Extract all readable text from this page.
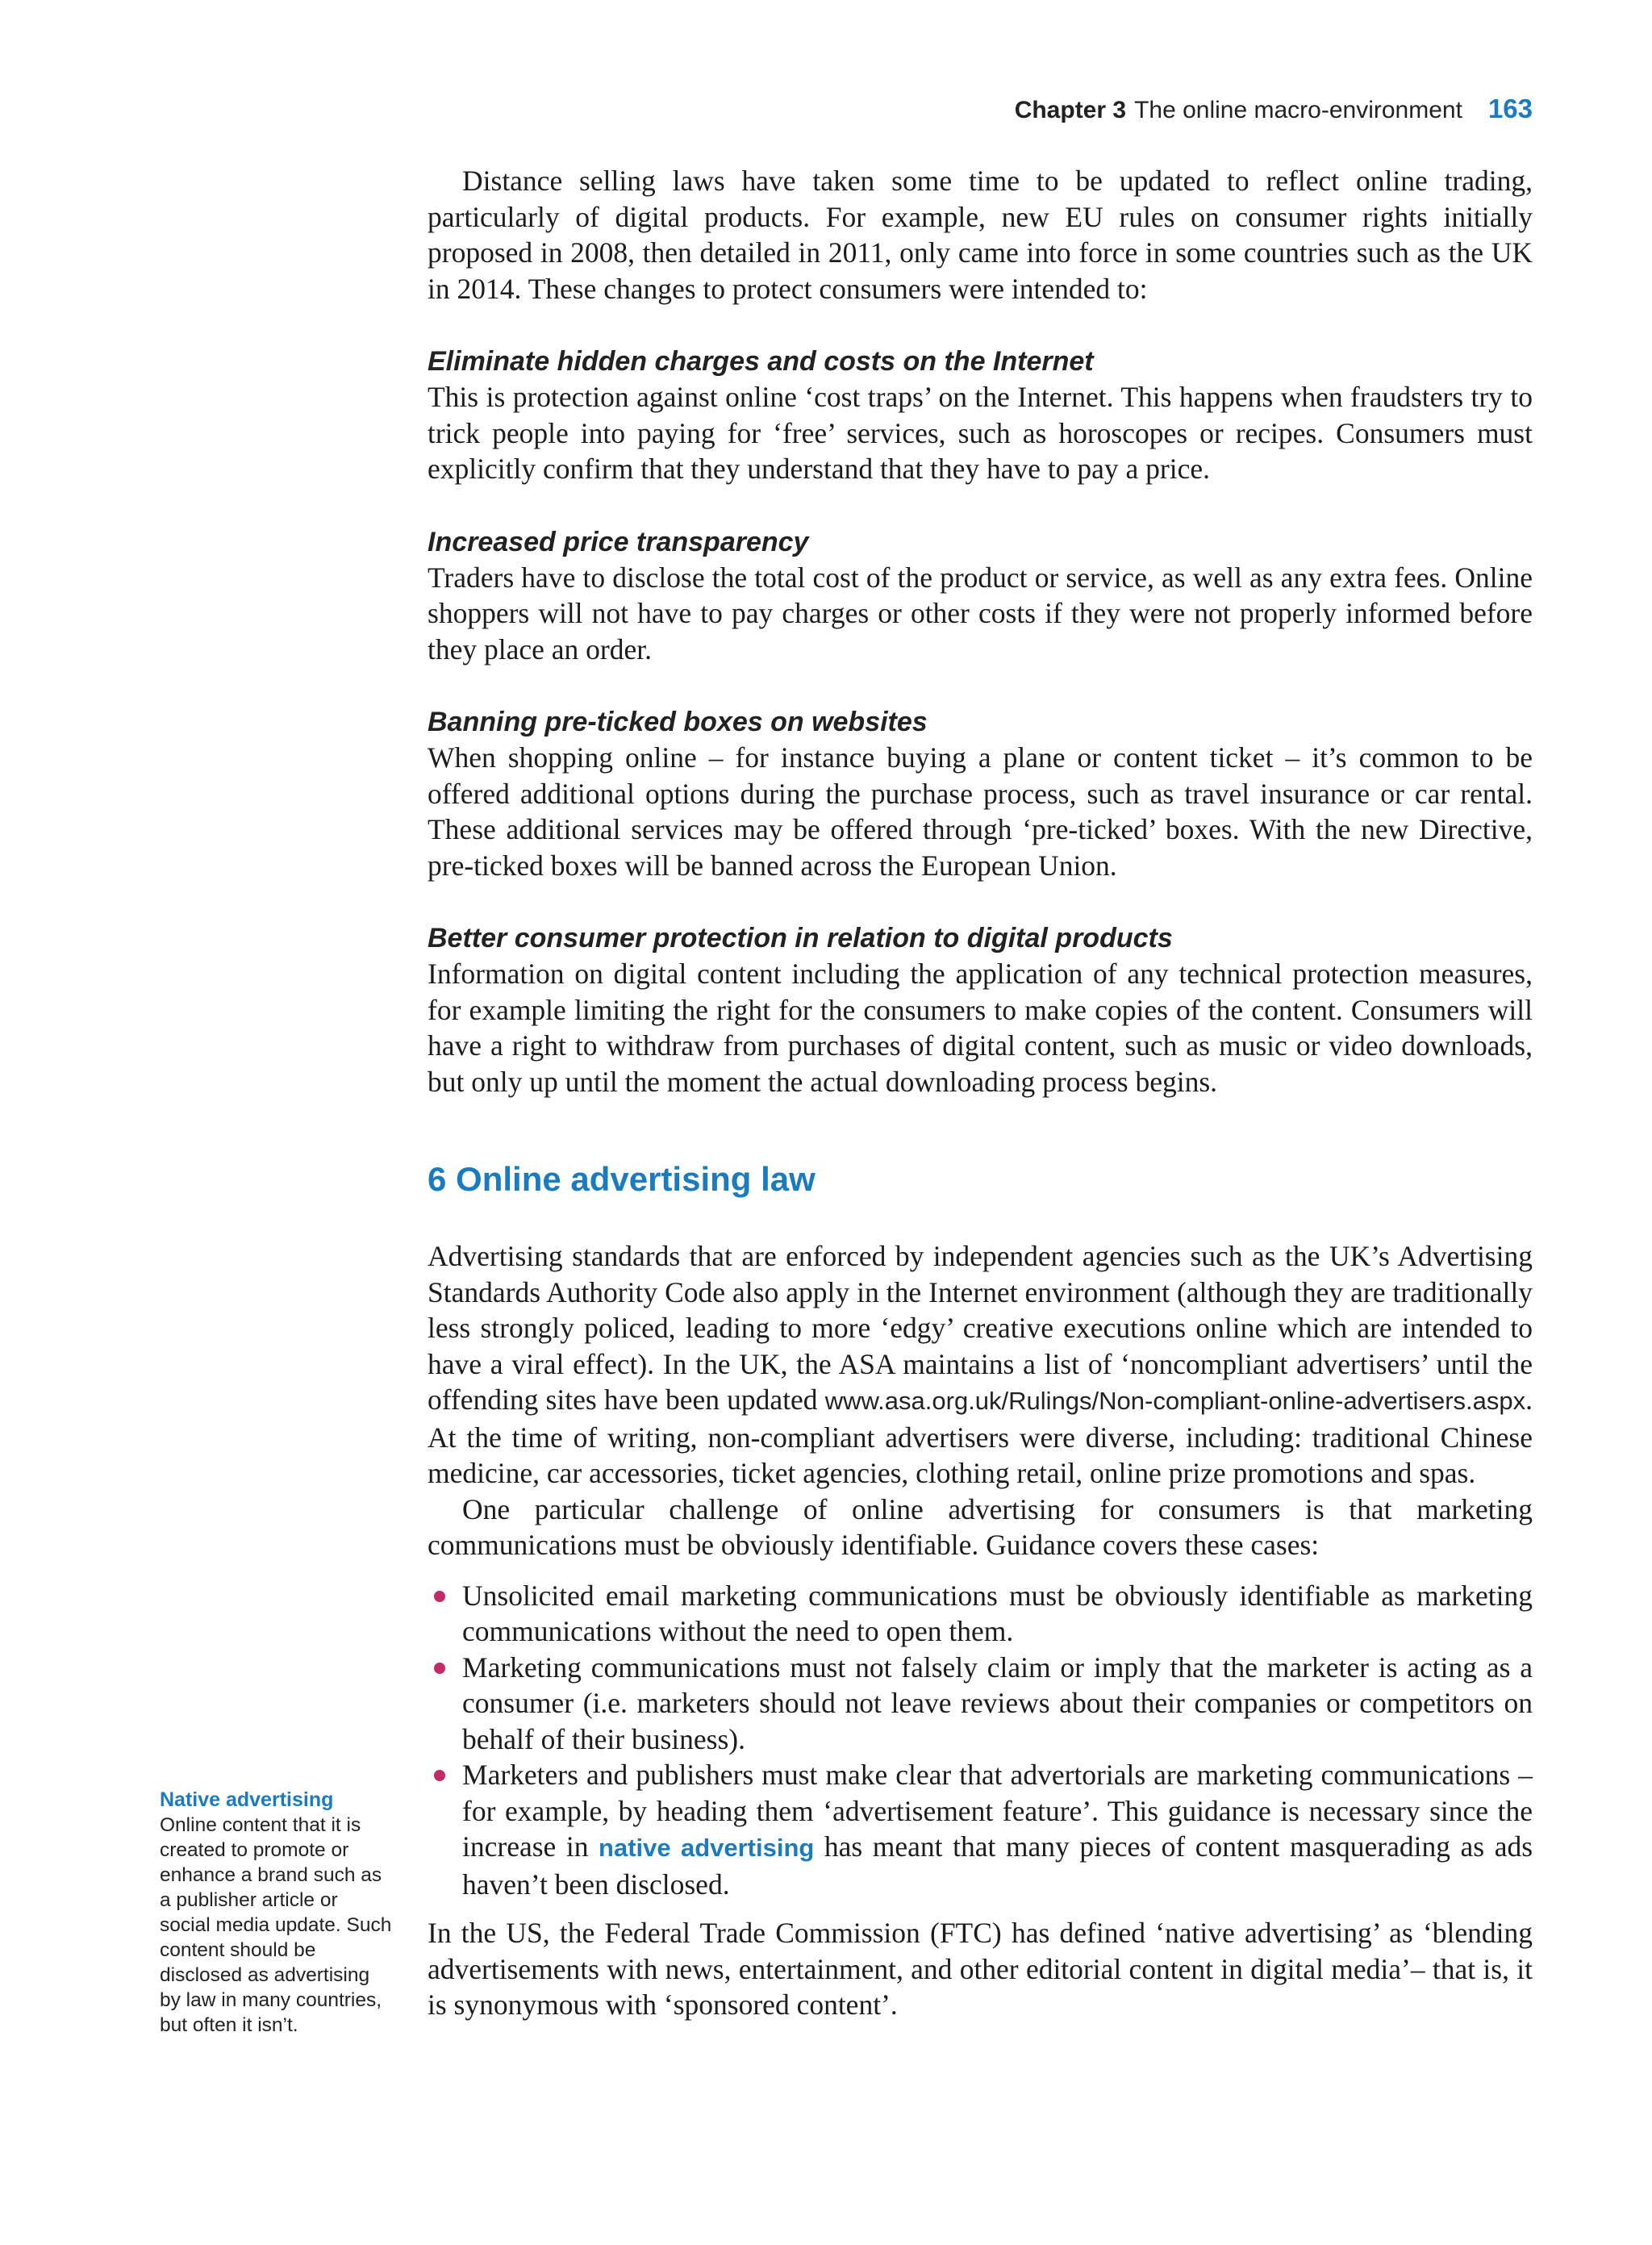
Chapter 3 The online macro-environment 163

Distance selling laws have taken some time to be updated to reflect online trading, particularly of digital products. For example, new EU rules on consumer rights initially proposed in 2008, then detailed in 2011, only came into force in some countries such as the UK in 2014. These changes to protect consumers were intended to:

Eliminate hidden charges and costs on the Internet

This is protection against online ‘cost traps’ on the Internet. This happens when fraudsters try to trick people into paying for ‘free’ services, such as horoscopes or recipes. Consumers must explicitly confirm that they understand that they have to pay a price.

Increased price transparency

Traders have to disclose the total cost of the product or service, as well as any extra fees. Online shoppers will not have to pay charges or other costs if they were not properly informed before they place an order.

Banning pre-ticked boxes on websites

When shopping online – for instance buying a plane or content ticket – it’s common to be offered additional options during the purchase process, such as travel insurance or car rental. These additional services may be offered through ‘pre-ticked’ boxes. With the new Directive, pre-ticked boxes will be banned across the European Union.

Better consumer protection in relation to digital products

Information on digital content including the application of any technical protection measures, for example limiting the right for the consumers to make copies of the content. Consumers will have a right to withdraw from purchases of digital content, such as music or video downloads, but only up until the moment the actual downloading process begins.

6 Online advertising law

Advertising standards that are enforced by independent agencies such as the UK’s Advertising Standards Authority Code also apply in the Internet environment (although they are traditionally less strongly policed, leading to more ‘edgy’ creative executions online which are intended to have a viral effect). In the UK, the ASA maintains a list of ‘noncompliant advertisers’ until the offending sites have been updated www.asa.org.uk/Rulings/Non-compliant-online-advertisers.aspx. At the time of writing, non-compliant advertisers were diverse, including: traditional Chinese medicine, car accessories, ticket agencies, clothing retail, online prize promotions and spas.

One particular challenge of online advertising for consumers is that marketing communications must be obviously identifiable. Guidance covers these cases:

Unsolicited email marketing communications must be obviously identifiable as marketing communications without the need to open them.
Marketing communications must not falsely claim or imply that the marketer is acting as a consumer (i.e. marketers should not leave reviews about their companies or competitors on behalf of their business).
Marketers and publishers must make clear that advertorials are marketing communications – for example, by heading them ‘advertisement feature’. This guidance is necessary since the increase in native advertising has meant that many pieces of content masquerading as ads haven’t been disclosed.

In the US, the Federal Trade Commission (FTC) has defined ‘native advertising’ as ‘blending advertisements with news, entertainment, and other editorial content in digital media’– that is, it is synonymous with ‘sponsored content’.

Native advertising
Online content that it is created to promote or enhance a brand such as a publisher article or social media update. Such content should be disclosed as advertising by law in many countries, but often it isn’t.
